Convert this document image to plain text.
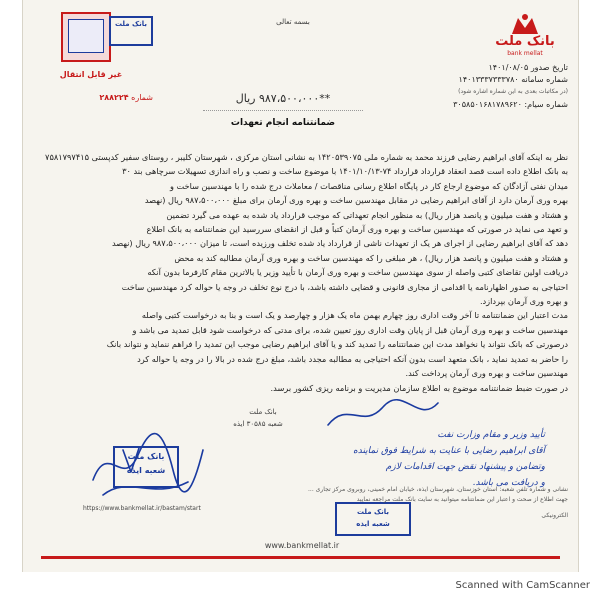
بسمه تعالی
بانک ملت
bank mellat
بانک ملت
غیر قابل انتقال
شماره ۲۸۸۲۲۴
تاریخ صدور ۱۴۰۱/۰۸/۰۵
شماره سامانه ۱۴۰۱۳۳۳۷۳۳۳۷۸۰
(در مکاتبات بعدی به این شماره اشاره شود)
شماره سیام: ۳۰۵۸۵۰۱۶۸۱۷۸۹۶۲۰
**۹۸۷،۵۰۰،۰۰۰ ریال
ضمانتنامه انجام تعهدات
نظر به اینکه آقای ابراهیم رضایی فرزند محمد به شماره ملی ۱۴۲۰۵۳۹۰۷۵ به نشانی استان مرکزی ، شهرستان کلیبر ، روستای سفیر کدپستی ۷۵۸۱۷۹۷۴۱۵
به بانک اطلاع داده است قصد انعقاد قرارداد قرارداد ۷۴-۱۴۰۱/۱۰/۱۳ با موضوع ساخت و نصب و راه اندازی تسهیلات سرچاهی بند ۳۰
میدان نفتی آزادگان که موضوع ارجاع کار در پایگاه اطلاع رسانی مناقصات / معاملات درج شده را با مهندسین ساخت و
بهره وری آرمان دارد از آقای ابراهیم رضایی در مقابل مهندسین ساخت و بهره وری آرمان برای مبلغ ۹۸۷،۵۰۰،۰۰۰ ریال (نهصد
و هشتاد و هفت میلیون و پانصد هزار ریال) به منظور انجام تعهداتی که موجب قرارداد یاد شده به عهده می گیرد تضمین
و تعهد می نماید در صورتی که مهندسین ساخت و بهره وری آرمان کتباً و قبل از انقضای سررسید این ضمانتنامه به بانک اطلاع
دهد که آقای ابراهیم رضایی از اجرای هر یک از تعهدات ناشی از قرارداد یاد شده تخلف ورزیده است، تا میزان ۹۸۷،۵۰۰،۰۰۰ ریال (نهصد
و هشتاد و هفت میلیون و پانصد هزار ریال) ، هر مبلغی را که مهندسین ساخت و بهره وری آرمان مطالبه کند به محض
دریافت اولین تقاضای کتبی واصله از سوی مهندسین ساخت و بهره وری آرمان با تأیید وزیر یا بالاترین مقام کارفرما بدون آنکه
احتیاجی به صدور اظهارنامه یا اقدامی از مجاری قانونی و قضایی داشته باشد، با درج نوع تخلف در وجه یا حواله کرد مهندسین ساخت
و بهره وری آرمان بپردازد.
مدت اعتبار این ضمانتنامه تا آخر وقت اداری روز چهارم بهمن ماه یک هزار و چهارصد و یک است و بنا به درخواست کتبی واصله
مهندسین ساخت و بهره وری آرمان قبل از پایان وقت اداری روز تعیین شده، برای مدتی که درخواست شود قابل تمدید می باشد و
درصورتی که بانک نتواند یا نخواهد مدت این ضمانتنامه را تمدید کند و یا آقای ابراهیم رضایی موجب این تمدید را فراهم ننماید و نتواند بانک
را حاضر به تمدید نماید ، بانک متعهد است بدون آنکه احتیاجی به مطالبه مجدد باشد، مبلغ درج شده در بالا را در وجه یا حواله کرد
مهندسین ساخت و بهره وری آرمان پرداخت کند.
در صورت ضبط ضمانتنامه موضوع به اطلاع سازمان مدیریت و برنامه ریزی کشور برسد.
بانک ملت
شعبه ۳۰۵۸۵ ایذه
تأیید وزیر و مقام وزارت نفت
آقای ابراهیم رضایی با عنایت به شرایط فوق نماینده
وتضامن و پیشنهاد نقض جهت اقدامات لازم
و دریافت می باشد.
بانک ملت
شعبه ایذه
بانک ملت
شعبه ایذه
نشانی و شماره تلفن شعبه: استان خوزستان، شهرستان ایذه، خیابان امام خمینی، روبروی مرکز تجاری ...
جهت اطلاع از صحت و اعتبار این ضمانتنامه میتوانید به سایت بانک ملت مراجعه نمایید
https://www.bankmellat.ir/bastam/start
الکترونیکی
www.bankmellat.ir
Scanned with CamScanner
